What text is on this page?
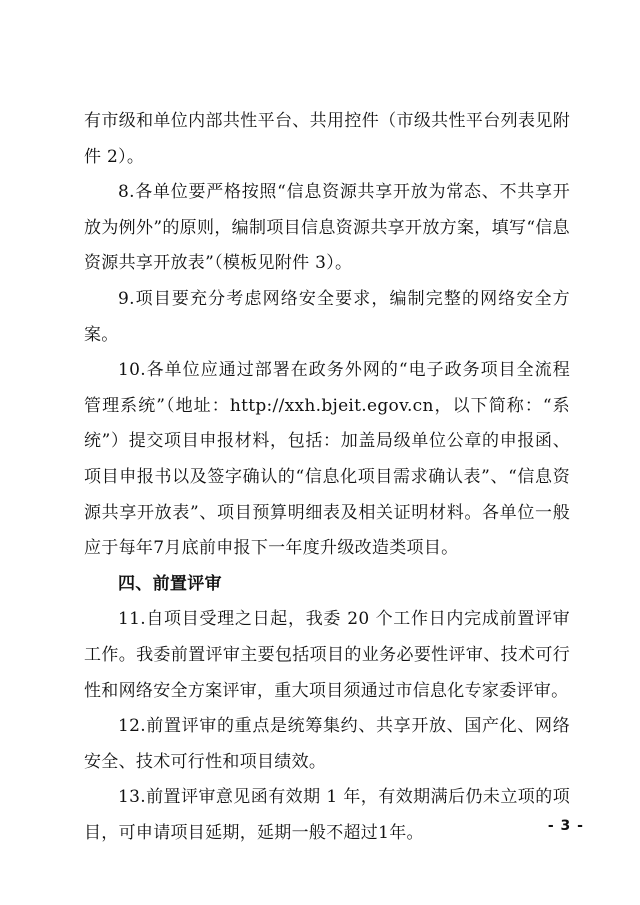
有市级和单位内部共性平台、共用控件（市级共性平台列表见附件 2）。

8.各单位要严格按照“信息资源共享开放为常态、不共享开放为例外”的原则，编制项目信息资源共享开放方案，填写“信息资源共享开放表”（模板见附件 3）。

9.项目要充分考虑网络安全要求，编制完整的网络安全方案。

10.各单位应通过部署在政务外网的“电子政务项目全流程管理系统”（地址：http://xxh.bjeit.egov.cn，以下简称：“系统”）提交项目申报材料，包括：加盖局级单位公章的申报函、项目申报书以及签字确认的“信息化项目需求确认表”、“信息资源共享开放表”、项目预算明细表及相关证明材料。各单位一般应于每年7月底前申报下一年度升级改造类项目。

四、前置评审

11.自项目受理之日起，我委 20 个工作日内完成前置评审工作。我委前置评审主要包括项目的业务必要性评审、技术可行性和网络安全方案评审，重大项目须通过市信息化专家委评审。

12.前置评审的重点是统筹集约、共享开放、国产化、网络安全、技术可行性和项目绩效。

13.前置评审意见函有效期 1 年，有效期满后仍未立项的项目，可申请项目延期，延期一般不超过1年。	- 3 -
